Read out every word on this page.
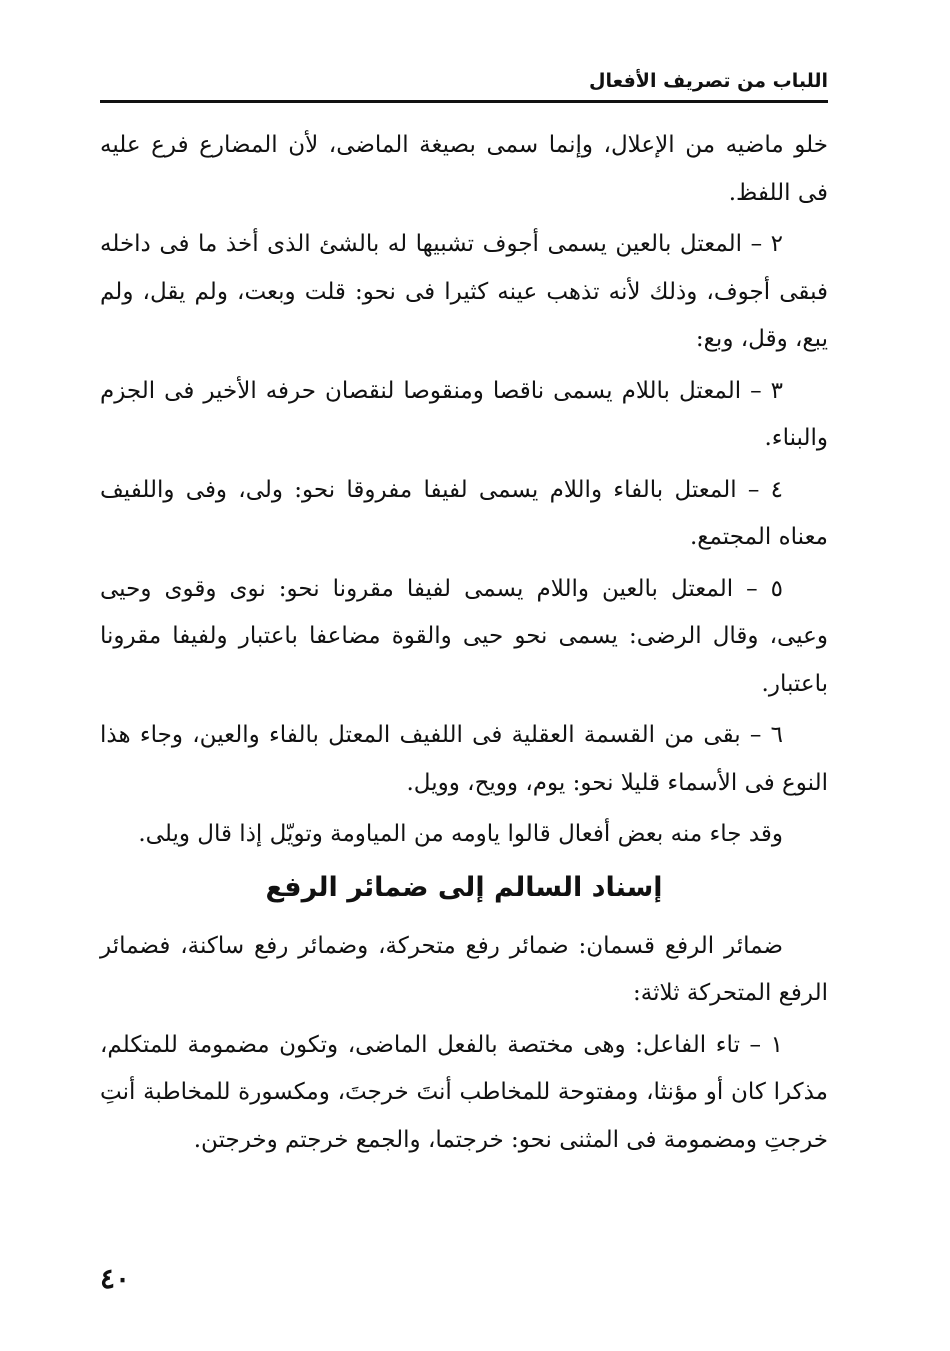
اللباب من تصريف الأفعال

خلو ماضيه من الإعلال، وإنما سمى بصيغة الماضى، لأن المضارع فرع عليه فى اللفظ.

٢ – المعتل بالعين يسمى أجوف تشبيها له بالشئ الذى أخذ ما فى داخله فبقى أجوف، وذلك لأنه تذهب عينه كثيرا فى نحو: قلت وبعت، ولم يقل، ولم يبع، وقل، وبع:

٣ – المعتل باللام يسمى ناقصا ومنقوصا لنقصان حرفه الأخير فى الجزم والبناء.

٤ – المعتل بالفاء واللام يسمى لفيفا مفروقا نحو: ولى، وفى واللفيف معناه المجتمع.

٥ – المعتل بالعين واللام يسمى لفيفا مقرونا نحو: نوى وقوى وحيى وعيى، وقال الرضى: يسمى نحو حيى والقوة مضاعفا باعتبار ولفيفا مقرونا باعتبار.

٦ – بقى من القسمة العقلية فى اللفيف المعتل بالفاء والعين، وجاء هذا النوع فى الأسماء قليلا نحو: يوم، وويح، وويل.

وقد جاء منه بعض أفعال قالوا ياومه من المياومة وتويّل إذا قال ويلى.

إسناد السالم إلى ضمائر الرفع

ضمائر الرفع قسمان: ضمائر رفع متحركة، وضمائر رفع ساكنة، فضمائر الرفع المتحركة ثلاثة:

١ – تاء الفاعل: وهى مختصة بالفعل الماضى، وتكون مضمومة للمتكلم، مذكرا كان أو مؤنثا، ومفتوحة للمخاطب أنتَ خرجتَ، ومكسورة للمخاطبة أنتِ خرجتِ ومضمومة فى المثنى نحو: خرجتما، والجمع خرجتم وخرجتن.

٤٠
